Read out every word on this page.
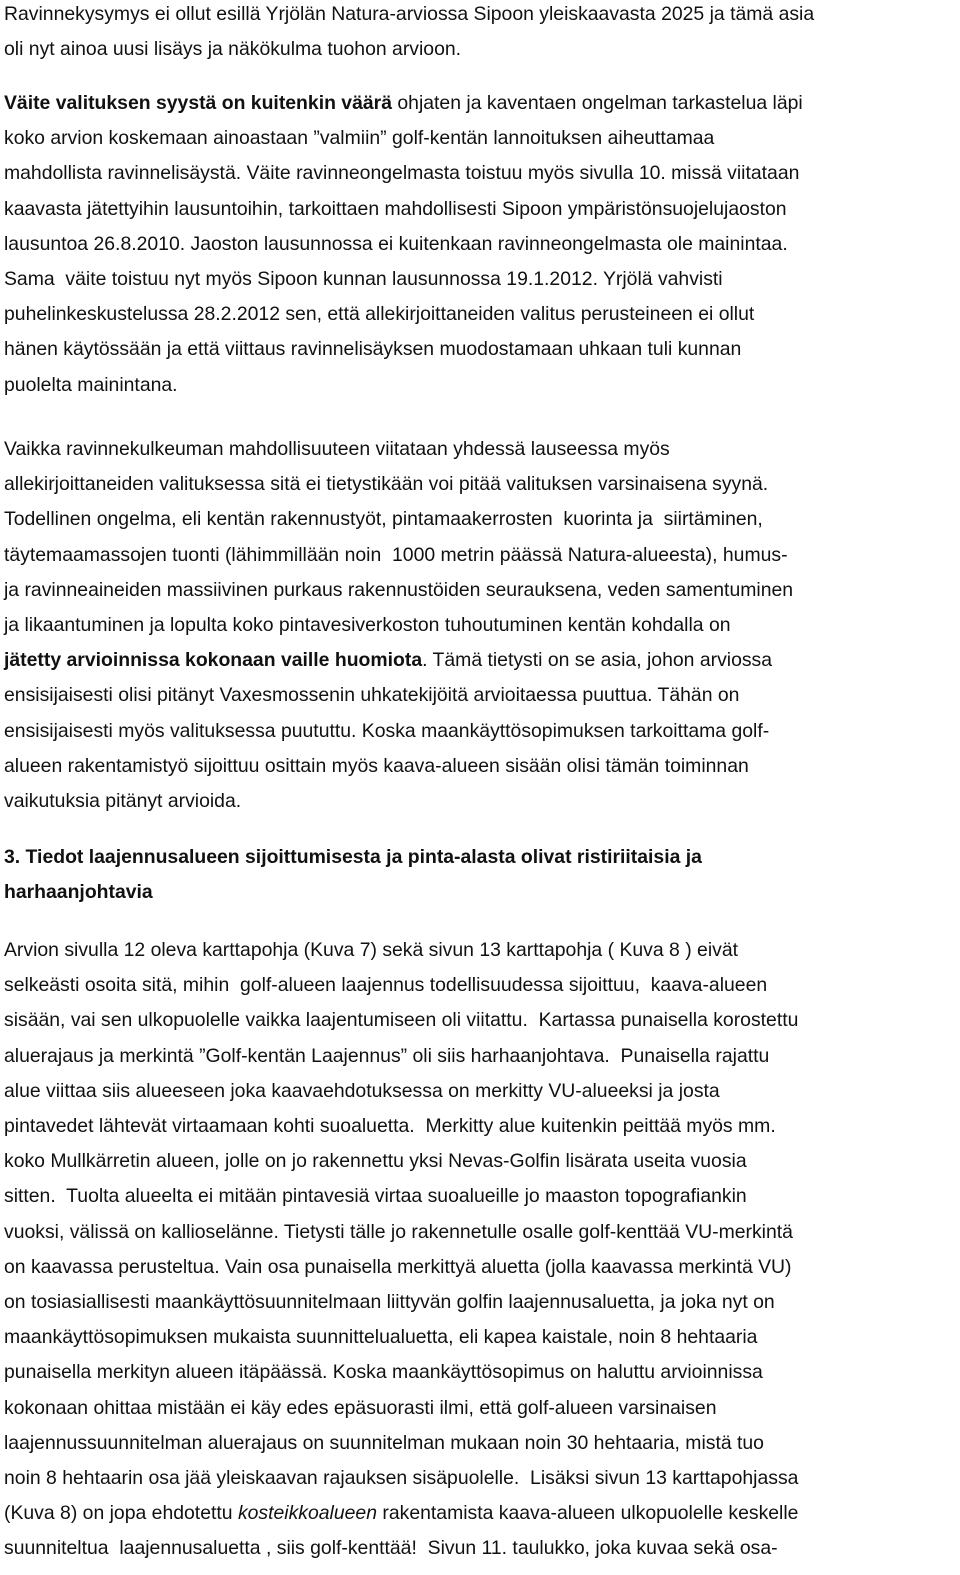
Ravinnekysymys ei ollut esillä Yrjölän Natura-arviossa Sipoon yleiskaavasta 2025 ja tämä asia
oli nyt ainoa uusi lisäys ja näkökulma tuohon arvioon.
Väite valituksen syystä on kuitenkin väärä ohjaten ja kaventaen ongelman tarkastelua läpi
koko arvion koskemaan ainoastaan ”valmiin” golf-kentän lannoituksen aiheuttamaa
mahdollista ravinnelisäystä. Väite ravinneongelmasta toistuu myös sivulla 10. missä viitataan
kaavasta jätettyihin lausuntoihin, tarkoittaen mahdollisesti Sipoon ympäristönsuojelujaoston
lausuntoa 26.8.2010. Jaoston lausunnossa ei kuitenkaan ravinneongelmasta ole mainintaa.
Sama  väite toistuu nyt myös Sipoon kunnan lausunnossa 19.1.2012. Yrjölä vahvisti
puhelinkeskustelussa 28.2.2012 sen, että allekirjoittaneiden valitus perusteineen ei ollut
hänen käytössään ja että viittaus ravinnelisäyksen muodostamaan uhkaan tuli kunnan
puolelta mainintana.
Vaikka ravinnekulkeuman mahdollisuuteen viitataan yhdessä lauseessa myös
allekirjoittaneiden valituksessa sitä ei tietystikään voi pitää valituksen varsinaisena syynä.
Todellinen ongelma, eli kentän rakennustyöt, pintamaakerrosten  kuorinta ja  siirtäminen,
täytemaamassojen tuonti (lähimmillään noin  1000 metrin päässä Natura-alueesta), humus-
ja ravinneaineiden massiivinen purkaus rakennustöiden seurauksena, veden samentuminen
ja likaantuminen ja lopulta koko pintavesiverkoston tuhoutuminen kentän kohdalla on
jätetty arvioinnissa kokonaan vaille huomiota. Tämä tietysti on se asia, johon arviossa
ensisijaisesti olisi pitänyt Vaxesmossenin uhkatekijöitä arvioitaessa puuttua. Tähän on
ensisijaisesti myös valituksessa puututtu. Koska maankäyttösopimuksen tarkoittama golf-
alueen rakentamistyö sijoittuu osittain myös kaava-alueen sisään olisi tämän toiminnan
vaikutuksia pitänyt arvioida.
3. Tiedot laajennusalueen sijoittumisesta ja pinta-alasta olivat ristiriitaisia ja
harhaanjohtavia
Arvion sivulla 12 oleva karttapohja (Kuva 7) sekä sivun 13 karttapohja ( Kuva 8 ) eivät
selkeästi osoita sitä, mihin  golf-alueen laajennus todellisuudessa sijoittuu,  kaava-alueen
sisään, vai sen ulkopuolelle vaikka laajentumiseen oli viitattu.  Kartassa punaisella korostettu
aluerajaus ja merkintä ”Golf-kentän Laajennus” oli siis harhaanjohtava.  Punaisella rajattu
alue viittaa siis alueeseen joka kaavaehdotuksessa on merkitty VU-alueeksi ja josta
pintavedet lähtevät virtaamaan kohti suoaluetta.  Merkitty alue kuitenkin peittää myös mm.
koko Mullkärretin alueen, jolle on jo rakennettu yksi Nevas-Golfin lisärata useita vuosia
sitten.  Tuolta alueelta ei mitään pintavesiä virtaa suoalueille jo maaston topografiankin
vuoksi, välissä on kallioselänne. Tietysti tälle jo rakennetulle osalle golf-kenttää VU-merkintä
on kaavassa perusteltua. Vain osa punaisella merkittyä aluetta (jolla kaavassa merkintä VU)
on tosiasiallisesti maankäyttösuunnitelmaan liittyvän golfin laajennusaluetta, ja joka nyt on
maankäyttösopimuksen mukaista suunnittelualuetta, eli kapea kaistale, noin 8 hehtaaria
punaisella merkityn alueen itäpäässä. Koska maankäyttösopimus on haluttu arvioinnissa
kokonaan ohittaa mistään ei käy edes epäsuorasti ilmi, että golf-alueen varsinaisen
laajennussuunnitelman aluerajaus on suunnitelman mukaan noin 30 hehtaaria, mistä tuo
noin 8 hehtaarin osa jää yleiskaavan rajauksen sisäpuolelle.  Lisäksi sivun 13 karttapohjassa
(Kuva 8) on jopa ehdotettu kosteikkoalueen rakentamista kaava-alueen ulkopuolelle keskelle
suunniteltua  laajennusaluetta , siis golf-kenttää!  Sivun 11. taulukko, joka kuvaa sekä osa-
